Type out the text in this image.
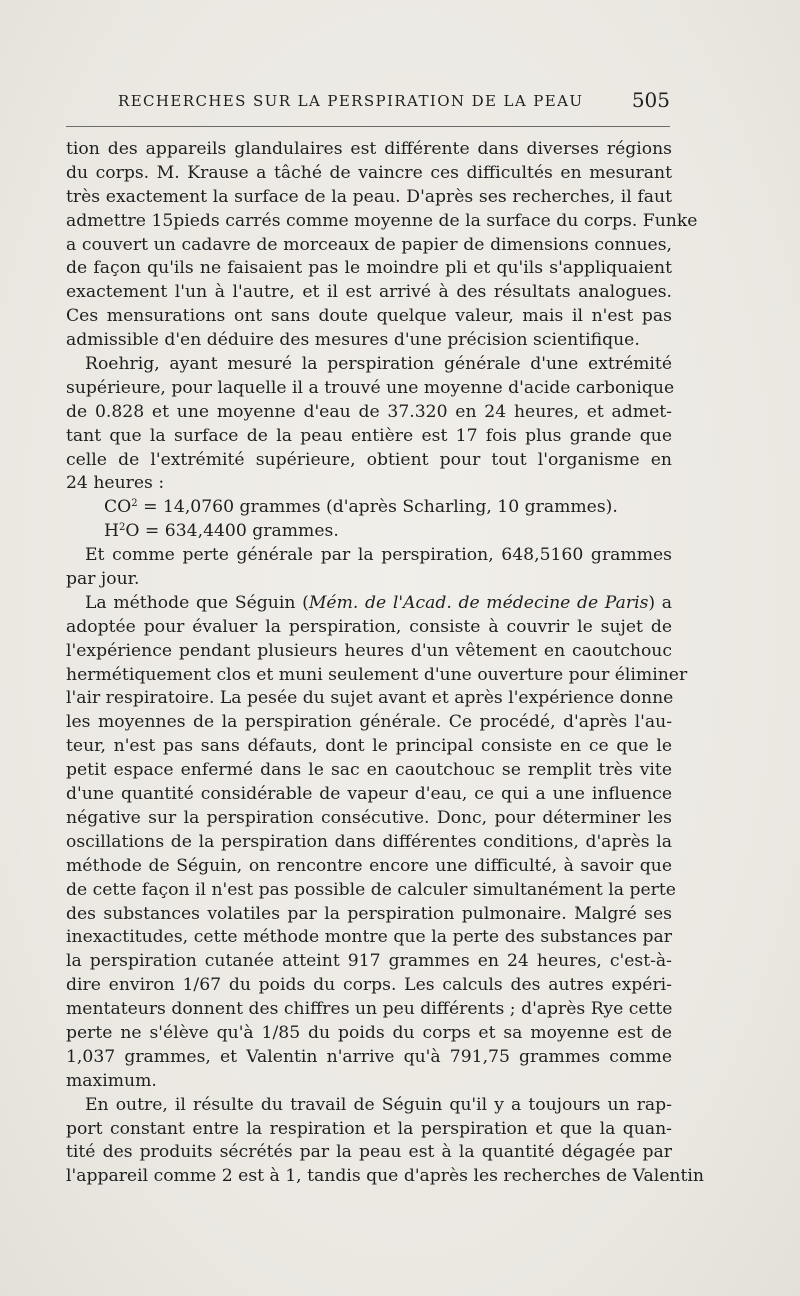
RECHERCHES SUR LA PERSPIRATION DE LA PEAU 505
tion des appareils glandulaires est différente dans diverses régions
du corps. M. Krause a tâché de vaincre ces difficultés en mesurant
très exactement la surface de la peau. D'après ses recherches, il faut
admettre 15pieds carrés comme moyenne de la surface du corps. Funke
a couvert un cadavre de morceaux de papier de dimensions connues,
de façon qu'ils ne faisaient pas le moindre pli et qu'ils s'appliquaient
exactement l'un à l'autre, et il est arrivé à des résultats analogues.
Ces mensurations ont sans doute quelque valeur, mais il n'est pas
admissible d'en déduire des mesures d'une précision scientifique.
Roehrig, ayant mesuré la perspiration générale d'une extrémité
supérieure, pour laquelle il a trouvé une moyenne d'acide carbonique
de 0.828 et une moyenne d'eau de 37.320 en 24 heures, et admet-
tant que la surface de la peau entière est 17 fois plus grande que
celle de l'extrémité supérieure, obtient pour tout l'organisme en
24 heures :
$CO^2 = 14,0760$ grammes (d'après Scharling, 10 grammes).
$H^2O = 634,4400$ grammes.
Et comme perte générale par la perspiration, 648,5160 grammes
par jour.
La méthode que Séguin (Mém. de l'Acad. de médecine de Paris) a
adoptée pour évaluer la perspiration, consiste à couvrir le sujet de
l'expérience pendant plusieurs heures d'un vêtement en caoutchouc
hermétiquement clos et muni seulement d'une ouverture pour éliminer
l'air respiratoire. La pesée du sujet avant et après l'expérience donne
les moyennes de la perspiration générale. Ce procédé, d'après l'au-
teur, n'est pas sans défauts, dont le principal consiste en ce que le
petit espace enfermé dans le sac en caoutchouc se remplit très vite
d'une quantité considérable de vapeur d'eau, ce qui a une influence
négative sur la perspiration consécutive. Donc, pour déterminer les
oscillations de la perspiration dans différentes conditions, d'après la
méthode de Séguin, on rencontre encore une difficulté, à savoir que
de cette façon il n'est pas possible de calculer simultanément la perte
des substances volatiles par la perspiration pulmonaire. Malgré ses
inexactitudes, cette méthode montre que la perte des substances par
la perspiration cutanée atteint 917 grammes en 24 heures, c'est-à-
dire environ 1/67 du poids du corps. Les calculs des autres expéri-
mentateurs donnent des chiffres un peu différents ; d'après Rye cette
perte ne s'élève qu'à 1/85 du poids du corps et sa moyenne est de
1,037 grammes, et Valentin n'arrive qu'à 791,75 grammes comme
maximum.
En outre, il résulte du travail de Séguin qu'il y a toujours un rap-
port constant entre la respiration et la perspiration et que la quan-
tité des produits sécrétés par la peau est à la quantité dégagée par
l'appareil comme 2 est à 1, tandis que d'après les recherches de Valentin
